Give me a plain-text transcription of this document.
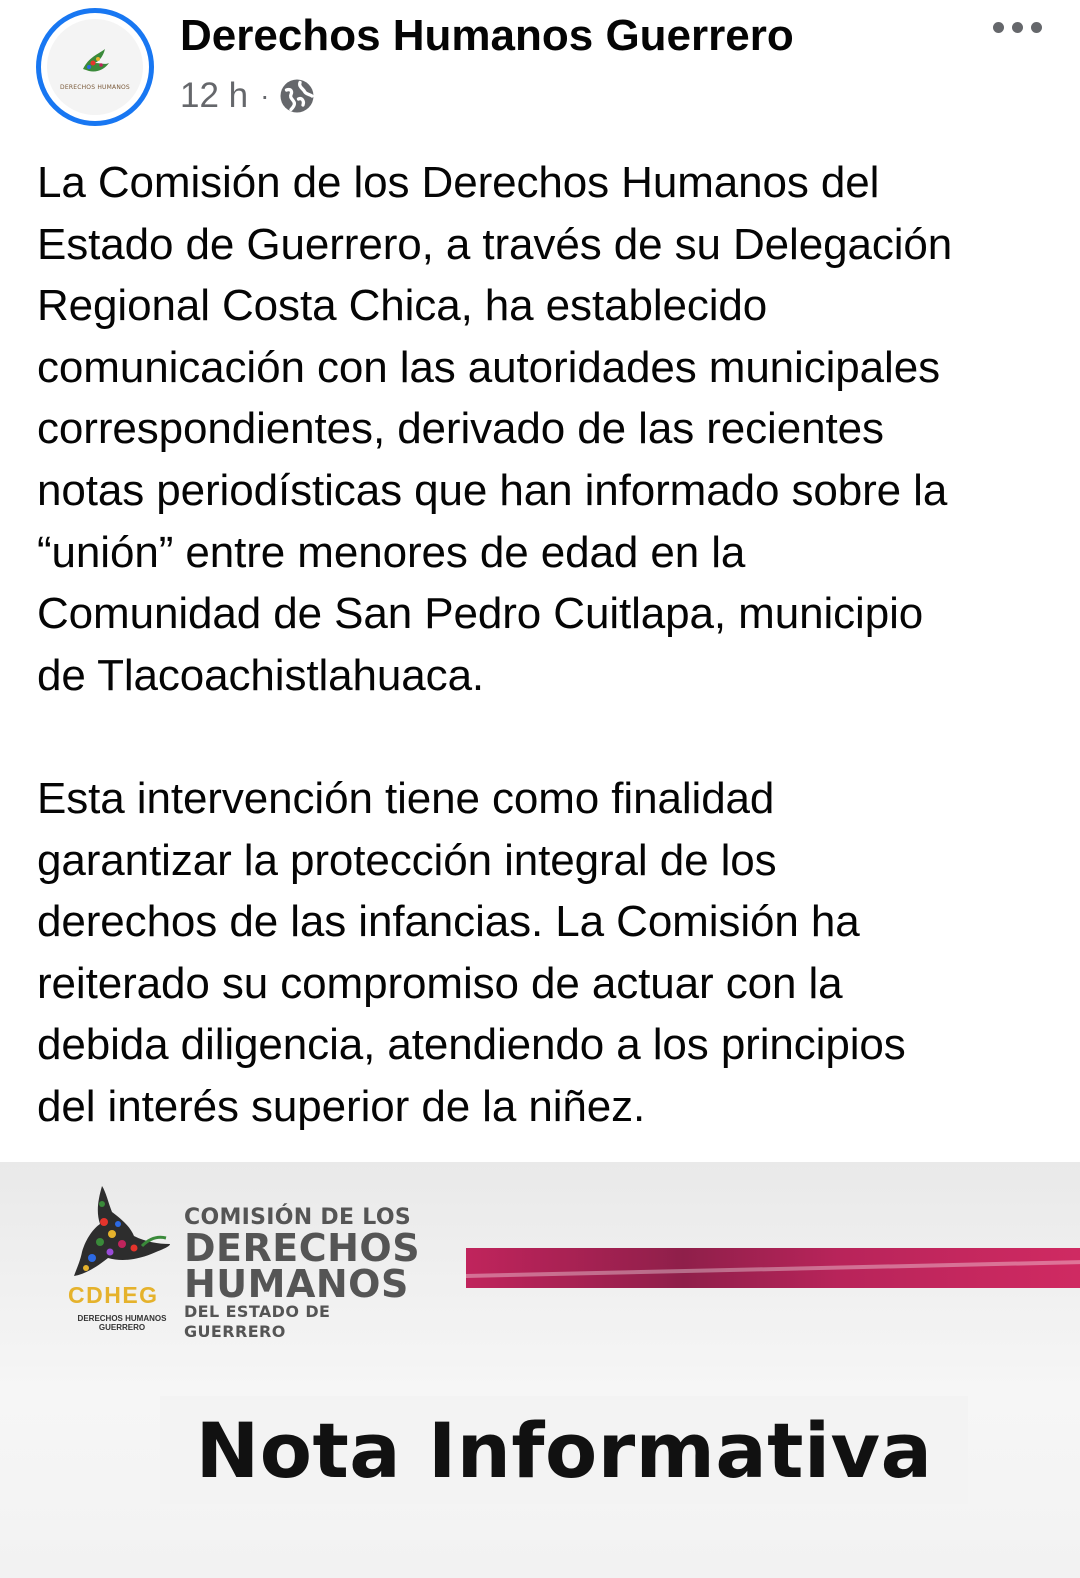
DERECHOS HUMANOS
Derechos Humanos Guerrero
12 h ·

La Comisión de los Derechos Humanos del
Estado de Guerrero, a través de su Delegación
Regional Costa Chica, ha establecido
comunicación con las autoridades municipales
correspondientes, derivado de las recientes
notas periodísticas que han informado sobre la
“unión” entre menores de edad en la
Comunidad de San Pedro Cuitlapa, municipio
de Tlacoachistlahuaca.

Esta intervención tiene como finalidad
garantizar la protección integral de los
derechos de las infancias. La Comisión ha
reiterado su compromiso de actuar con la
debida diligencia, atendiendo a los principios
del interés superior de la niñez.

CDHEG
DERECHOS HUMANOS GUERRERO
COMISIÓN DE LOS
DERECHOS
HUMANOS
DEL ESTADO DE GUERRERO
Nota Informativa
